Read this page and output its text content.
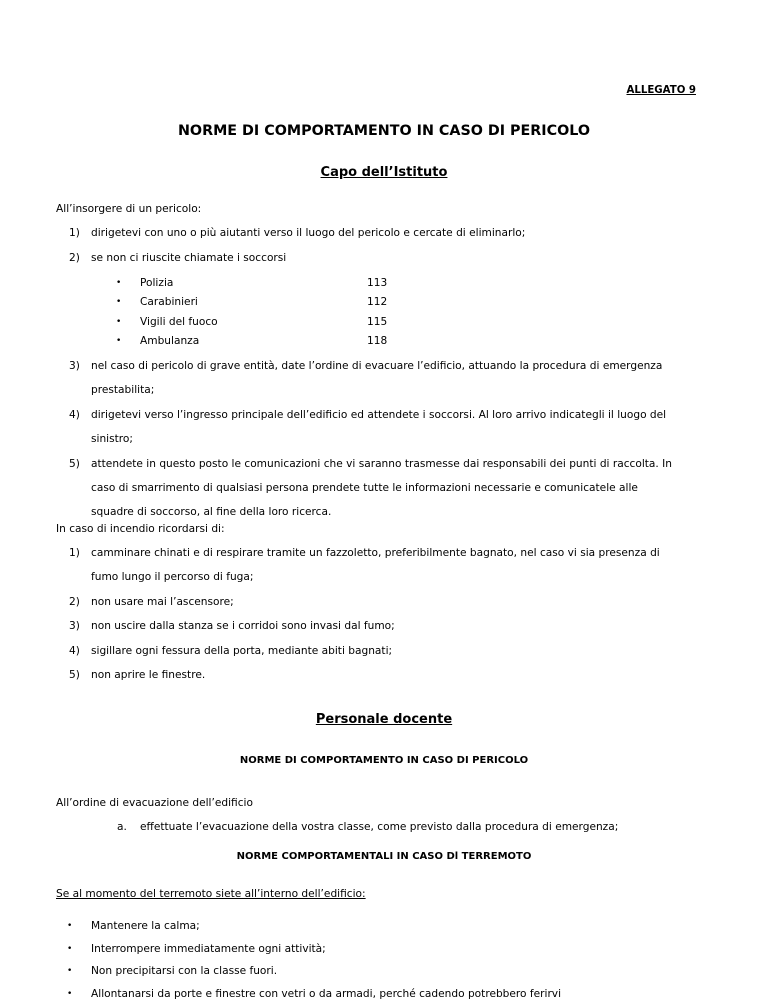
ALLEGATO 9
NORME DI COMPORTAMENTO IN CASO DI PERICOLO
Capo dell’Istituto
All’insorgere di un pericolo:
1)	dirigetevi con uno o più aiutanti verso il luogo del pericolo e cercate di eliminarlo;
2)	se non ci riuscite chiamate i soccorsi
• Polizia	113
• Carabinieri	112
• Vigili del fuoco	115
• Ambulanza	118
3)	nel caso di pericolo di grave entità, date l’ordine di evacuare l’edificio, attuando la procedura di emergenza
prestabilita;
4)	dirigetevi verso l’ingresso principale dell’edificio ed attendete i soccorsi. Al loro arrivo indicategli il luogo del
sinistro;
5)	attendete in questo posto le comunicazioni che vi saranno trasmesse dai responsabili dei punti di raccolta. In
caso di smarrimento di qualsiasi persona prendete tutte le informazioni necessarie e comunicatele alle
squadre di soccorso, al fine della loro ricerca.
In caso di incendio ricordarsi di:
1)	camminare chinati e di respirare tramite un fazzoletto, preferibilmente bagnato, nel caso vi sia presenza di
fumo lungo il percorso di fuga;
2)	non usare mai l’ascensore;
3)	non uscire dalla stanza se i corridoi sono invasi dal fumo;
4)	sigillare ogni fessura della porta, mediante abiti bagnati;
5)	non aprire le finestre.
Personale docente
NORME DI COMPORTAMENTO IN CASO DI PERICOLO
All’ordine di evacuazione dell’edificio
a. effettuate l’evacuazione della vostra classe, come previsto dalla procedura di emergenza;
NORME COMPORTAMENTALI IN CASO Dl TERREMOTO
Se al momento del terremoto siete all’interno dell’edificio:
• Mantenere la calma;
• Interrompere immediatamente ogni attività;
• Non precipitarsi con la classe fuori.
• Allontanarsi da porte e finestre con vetri o da armadi, perché cadendo potrebbero ferirvi
